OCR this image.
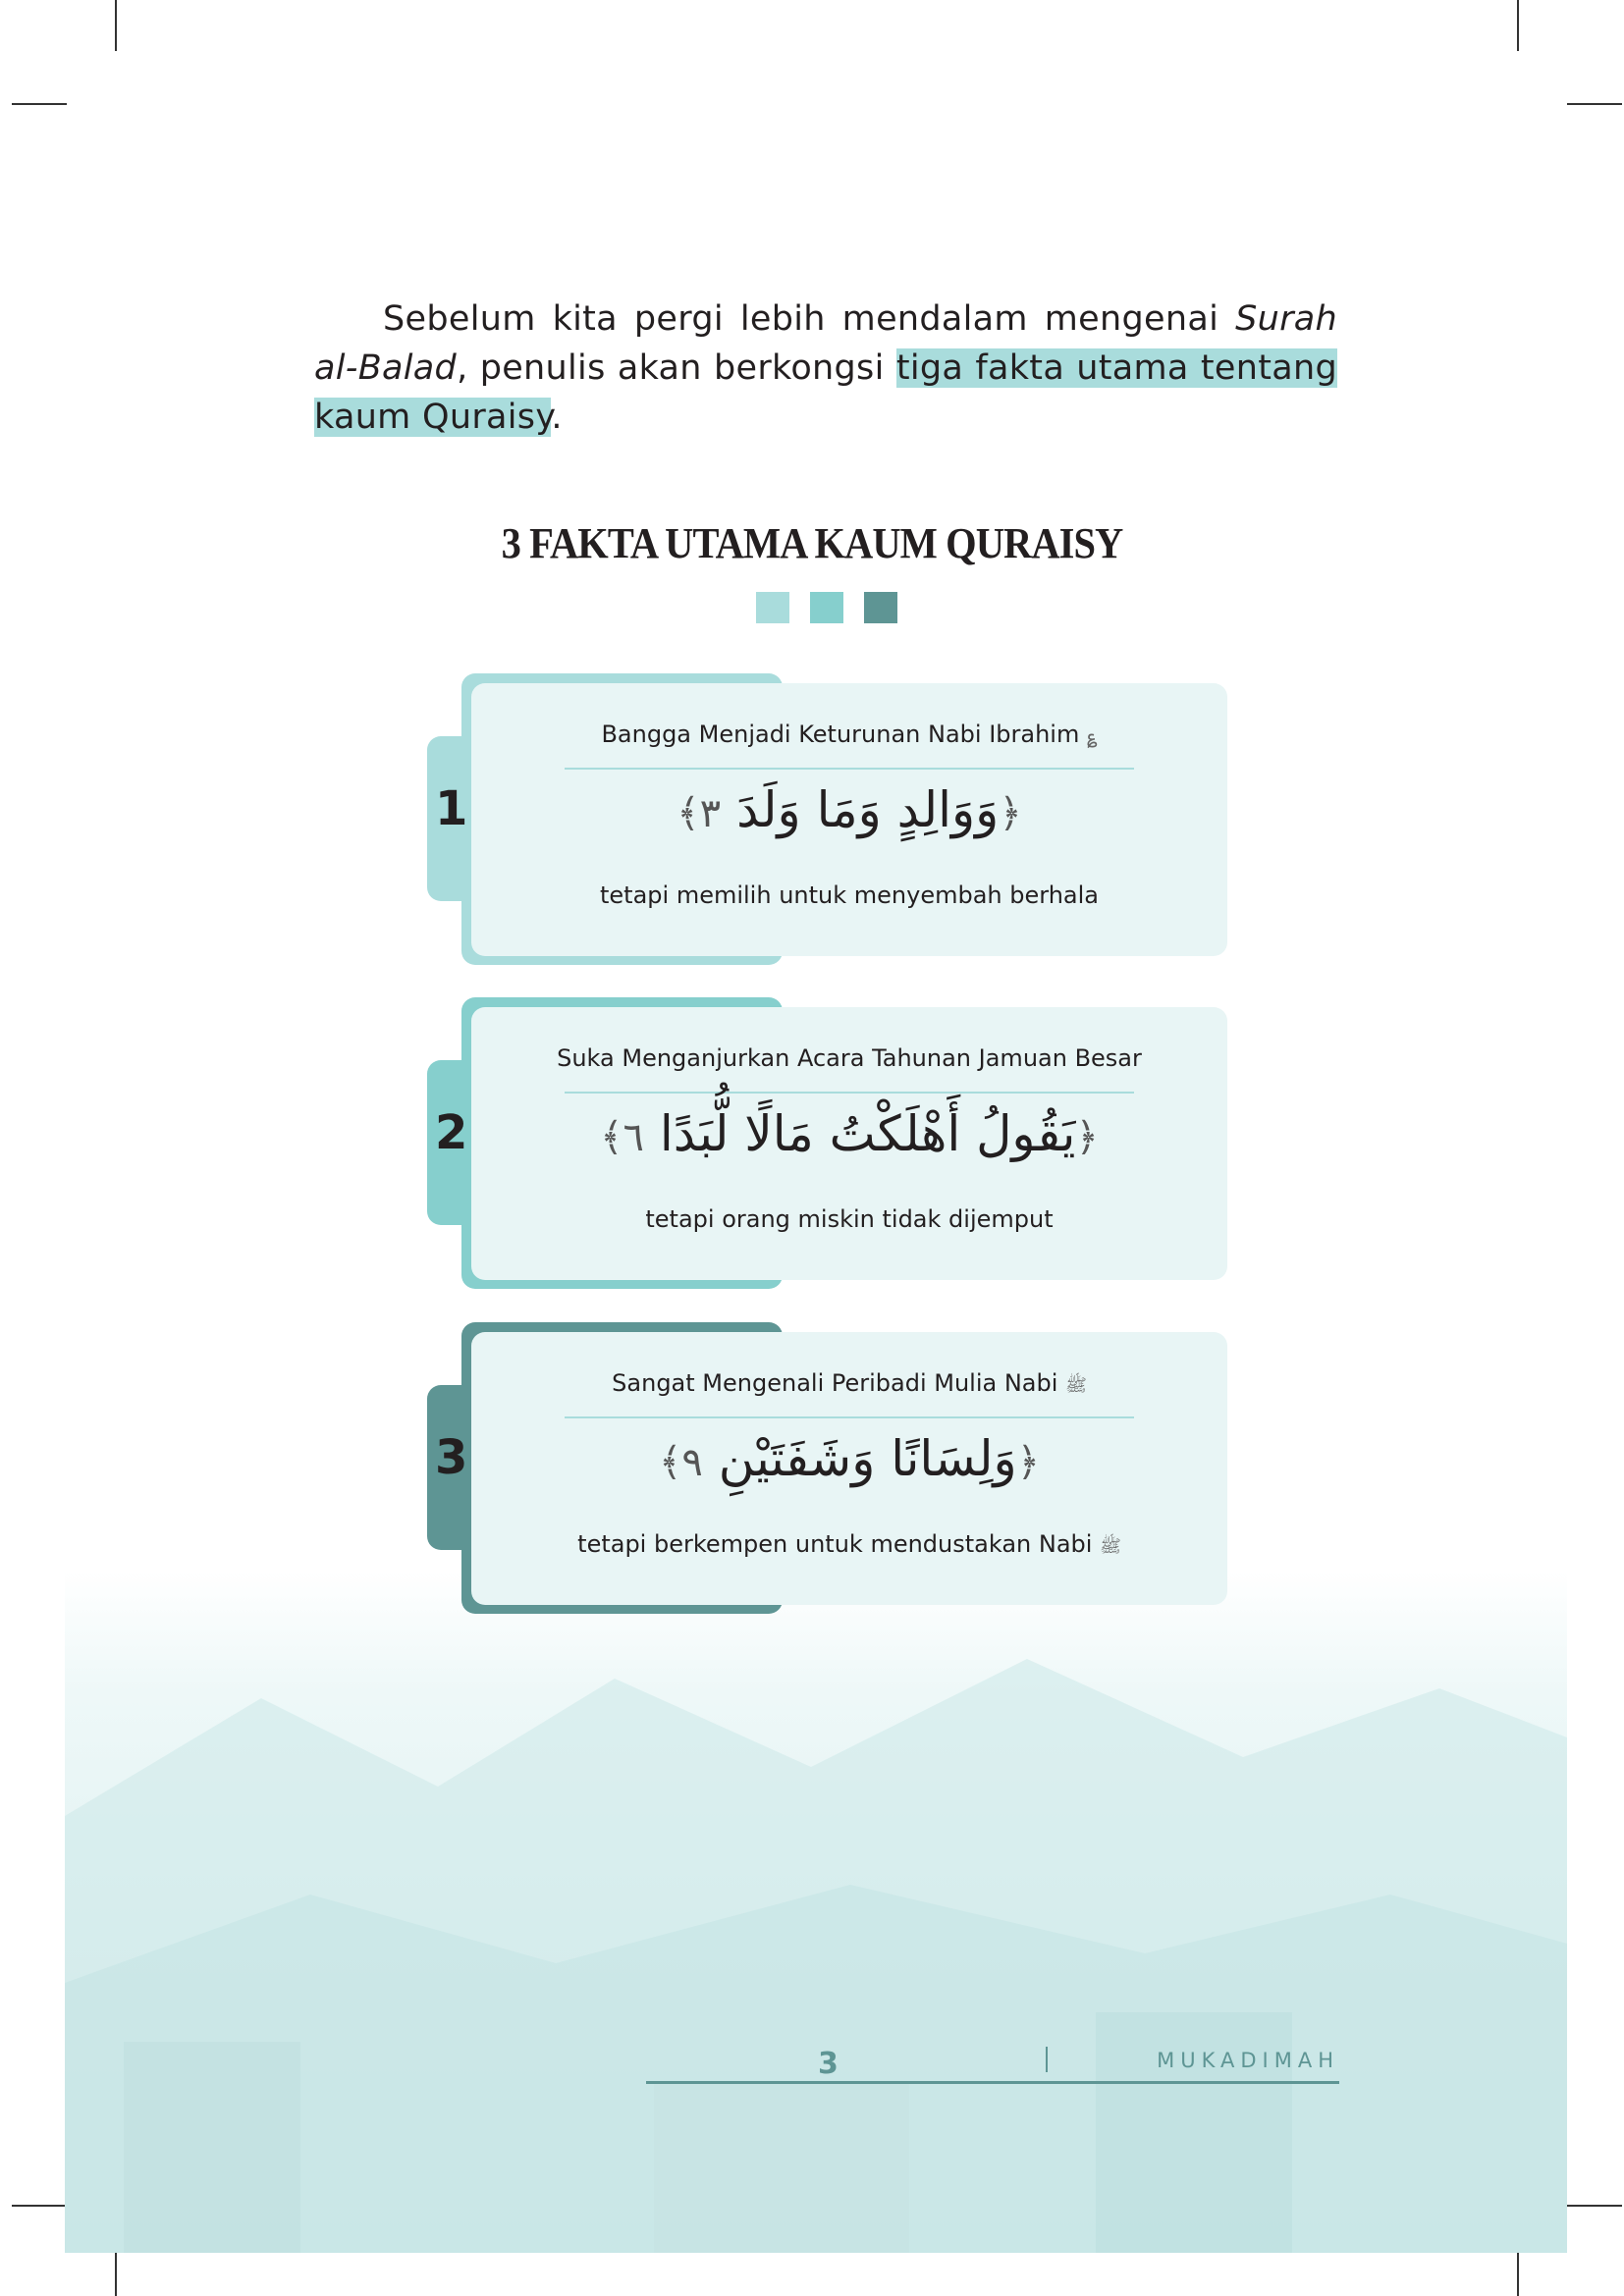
Sebelum kita pergi lebih mendalam mengenai Surah al-Balad, penulis akan berkongsi tiga fakta utama tentang kaum Quraisy.

3 FAKTA UTAMA KAUM QURAISY
1
Bangga Menjadi Keturunan Nabi Ibrahim ؏
﴿وَوَالِدٍ وَمَا وَلَدَ ٣﴾
tetapi memilih untuk menyembah berhala
2
Suka Menganjurkan Acara Tahunan Jamuan Besar
﴿يَقُولُ أَهْلَكْتُ مَالًا لُّبَدًا ٦﴾
tetapi orang miskin tidak dijemput
3
Sangat Mengenali Peribadi Mulia Nabi ﷺ
﴿وَلِسَانًا وَشَفَتَيْنِ ٩﴾
tetapi berkempen untuk mendustakan Nabi ﷺ
3	MUKADIMAH
